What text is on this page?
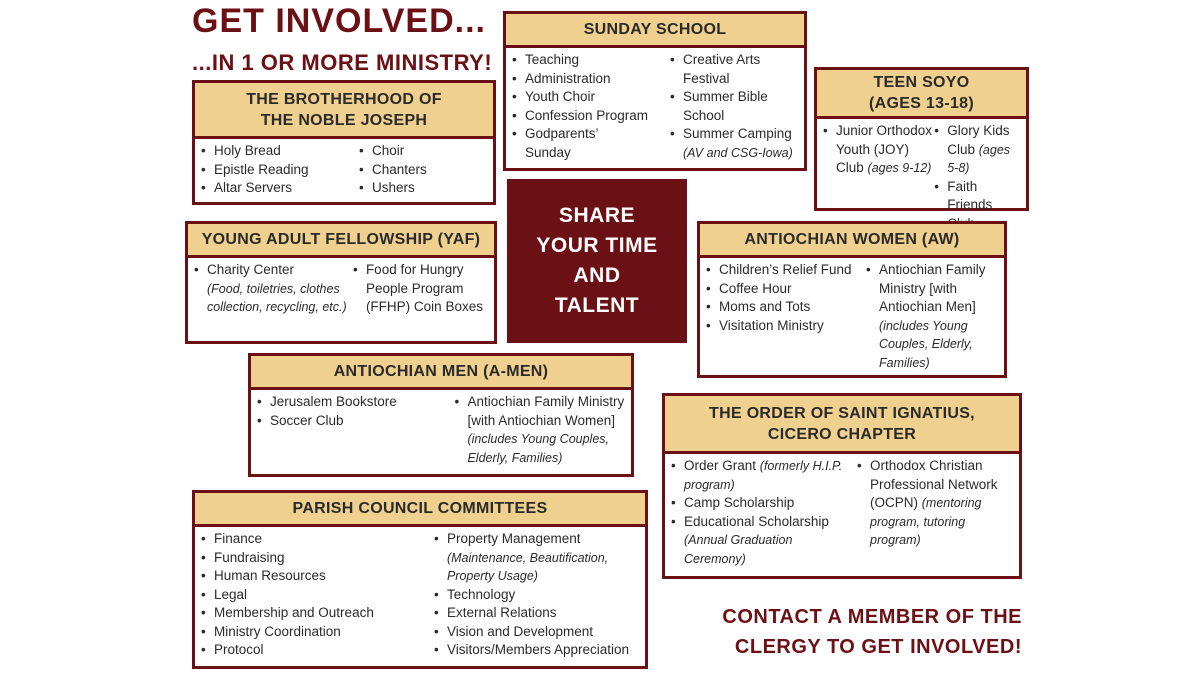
GET INVOLVED...
...IN 1 OR MORE MINISTRY!
THE BROTHERHOOD OF
THE NOBLE JOSEPH
• Holy Bread
• Epistle Reading
• Altar Servers
• Choir
• Chanters
• Ushers
SUNDAY SCHOOL
• Teaching
• Administration
• Youth Choir
• Confession Program
• Godparents’ Sunday
• Creative Arts Festival
• Summer Bible School
• Summer Camping (AV and CSG-Iowa)
TEEN SOYO
(AGES 13-18)
• Junior Orthodox Youth (JOY) Club (ages 9-12)
• Glory Kids Club (ages 5-8)
• Faith Friends
YOUNG ADULT FELLOWSHIP (YAF)
• Charity Center
(Food, toiletries, clothes collection, recycling, etc.)
• Food for Hungry People Program (FFHP) Coin Boxes
SHARE
YOUR TIME
AND
TALENT
ANTIOCHIAN WOMEN (AW)
• Children’s Relief Fund
• Coffee Hour
• Moms and Tots
• Visitation Ministry
• Antiochian Family Ministry [with Antiochian Men] (includes Young Couples, Elderly, Families)
ANTIOCHIAN MEN (A-MEN)
• Jerusalem Bookstore
• Soccer Club
• Antiochian Family Ministry [with Antiochian Women] (includes Young Couples, Elderly, Families)
THE ORDER OF SAINT IGNATIUS,
CICERO CHAPTER
• Order Grant (formerly H.I.P. program)
• Camp Scholarship
• Educational Scholarship (Annual Graduation Ceremony)
• Orthodox Christian Professional Network (OCPN) (mentoring program, tutoring program)
PARISH COUNCIL COMMITTEES
• Finance
• Fundraising
• Human Resources
• Legal
• Membership and Outreach
• Ministry Coordination
• Protocol
• Property Management
(Maintenance, Beautification, Property Usage)
• Technology
• External Relations
• Vision and Development
• Visitors/Members Appreciation
CONTACT A MEMBER OF THE
CLERGY TO GET INVOLVED!
